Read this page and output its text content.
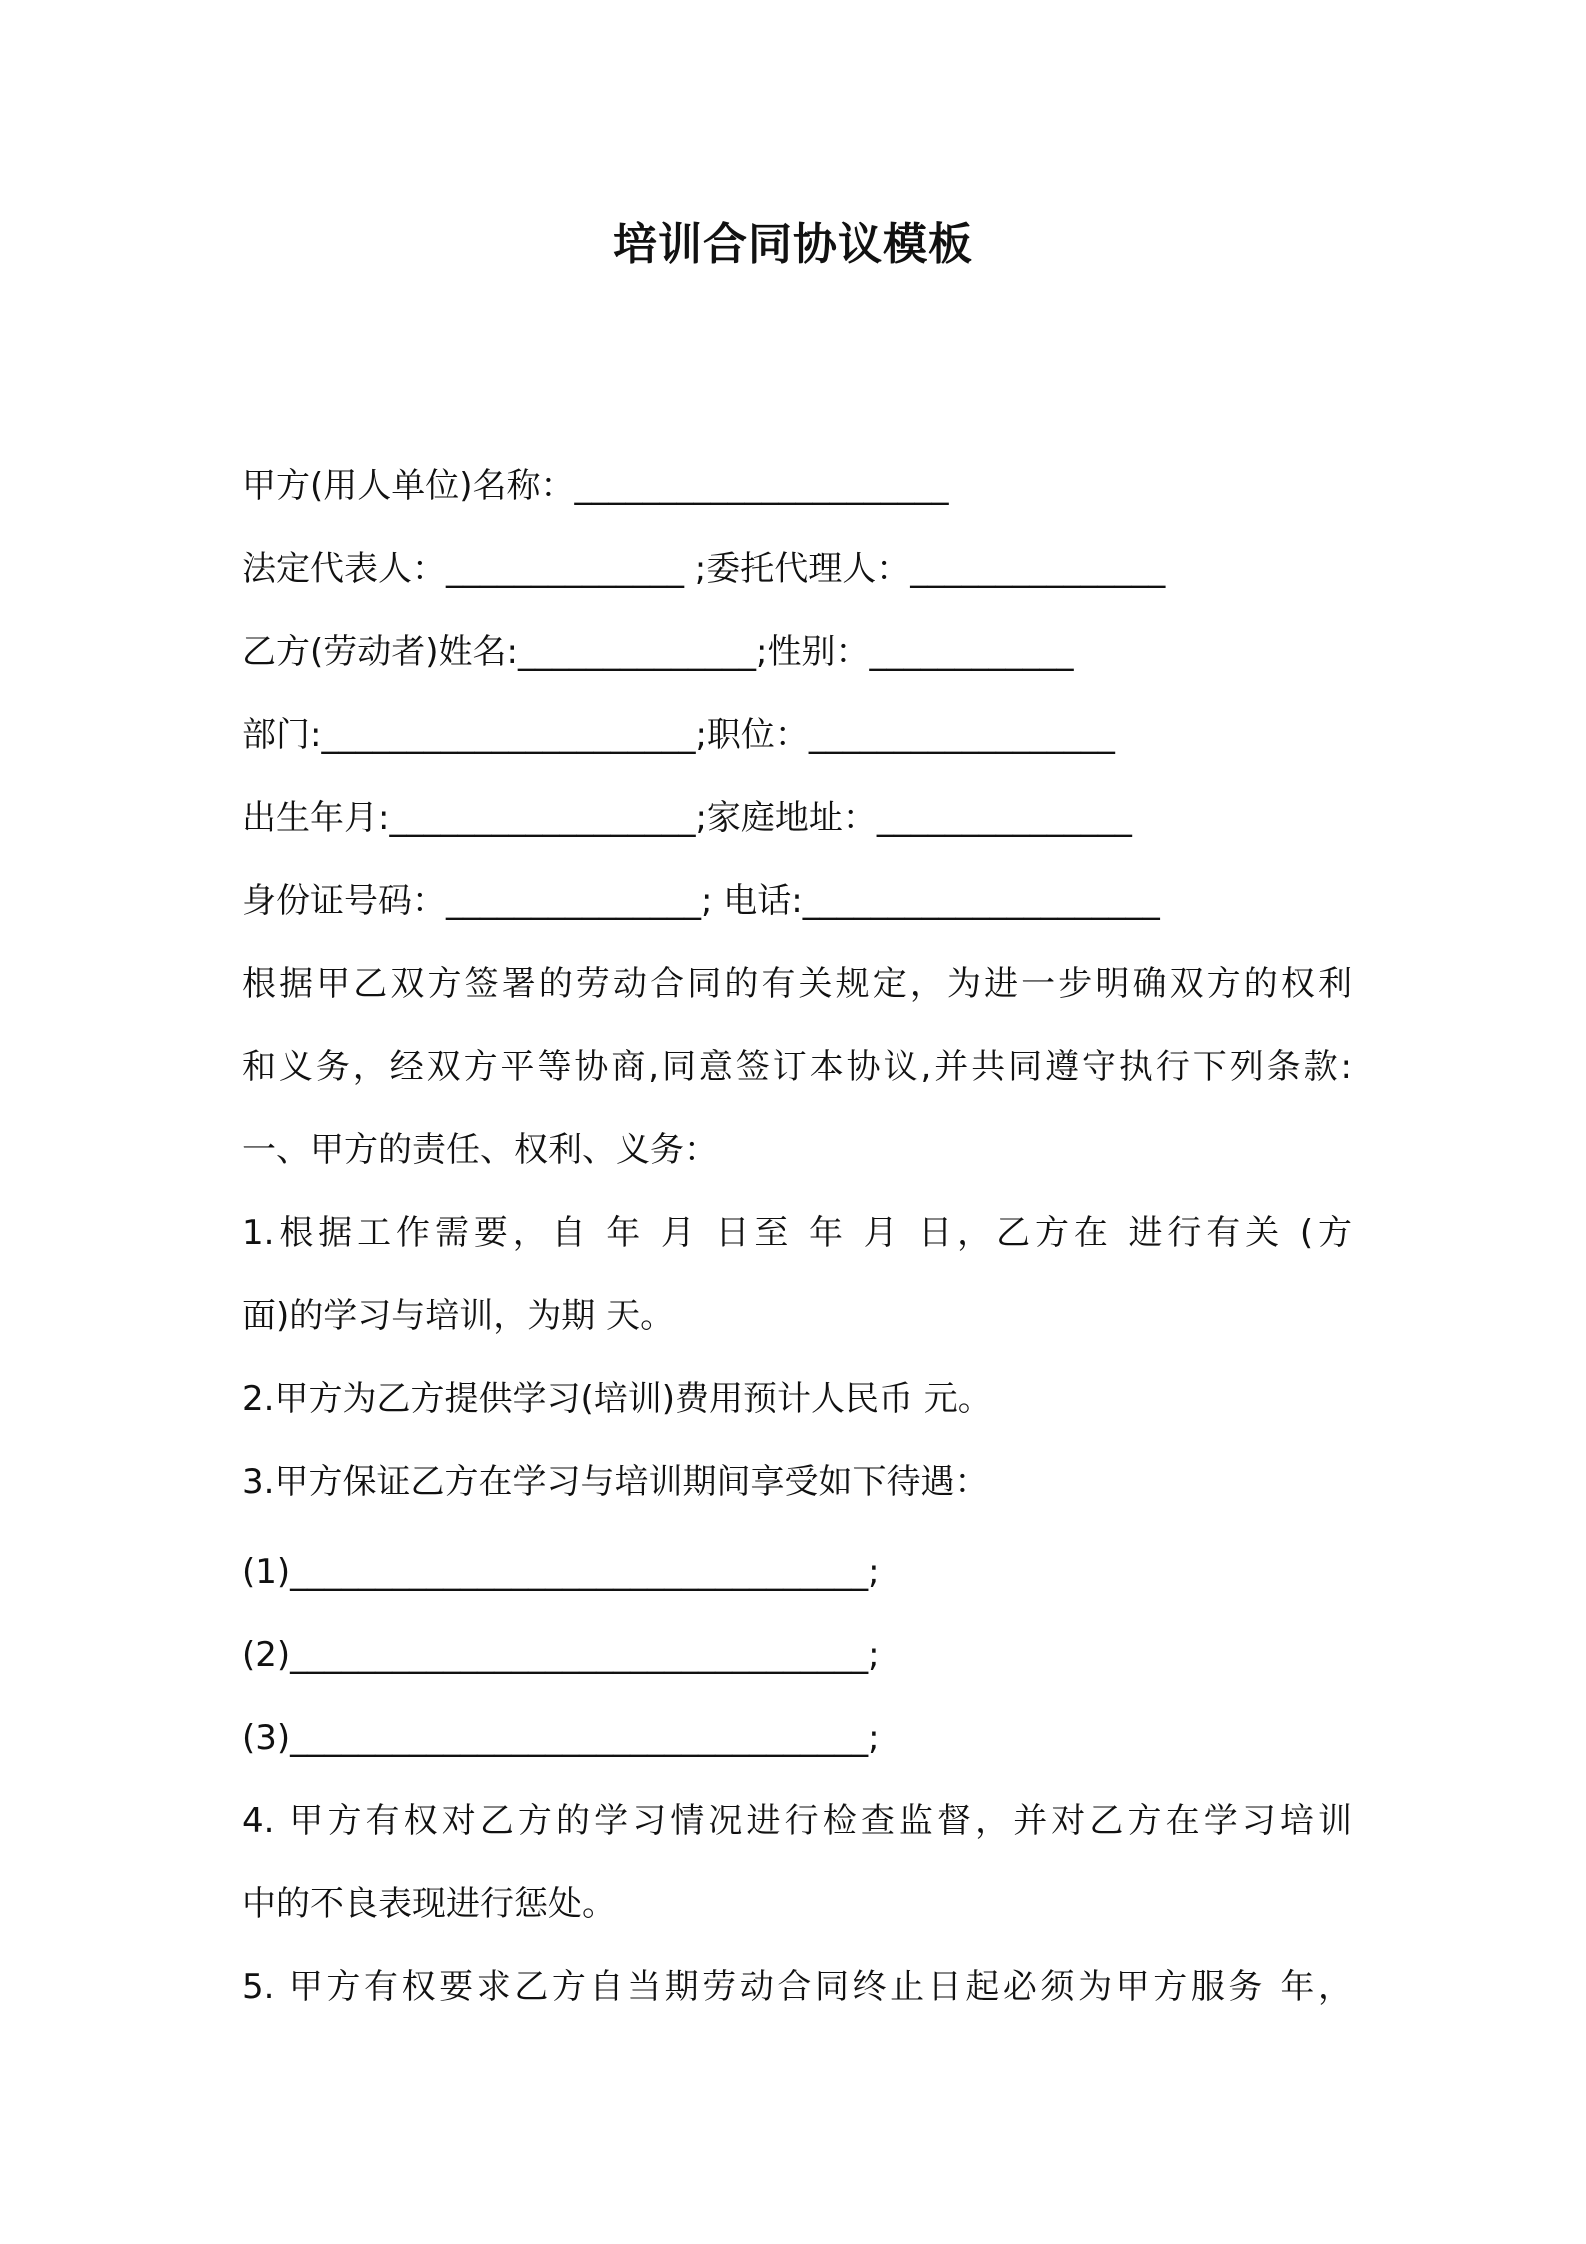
培训合同协议模板
甲方(用人单位)名称：______________________
法定代表人：______________ ;委托代理人：_______________
乙方(劳动者)姓名:______________;性别：____________
部门:______________________;职位：__________________
出生年月:__________________;家庭地址：_______________
身份证号码：_______________; 电话:_____________________
根据甲乙双方签署的劳动合同的有关规定，为进一步明确双方的权利
和义务，经双方平等协商,同意签订本协议,并共同遵守执行下列条款:
一、甲方的责任、权利、义务：
1.根据工作需要，自 年 月 日至 年 月 日，乙方在 进行有关 (方
面)的学习与培训，为期 天。
2.甲方为乙方提供学习(培训)费用预计人民币 元。
3.甲方保证乙方在学习与培训期间享受如下待遇：
(1)__________________________________;
(2)__________________________________;
(3)__________________________________;
4. 甲方有权对乙方的学习情况进行检查监督，并对乙方在学习培训
中的不良表现进行惩处。
5. 甲方有权要求乙方自当期劳动合同终止日起必须为甲方服务 年，
